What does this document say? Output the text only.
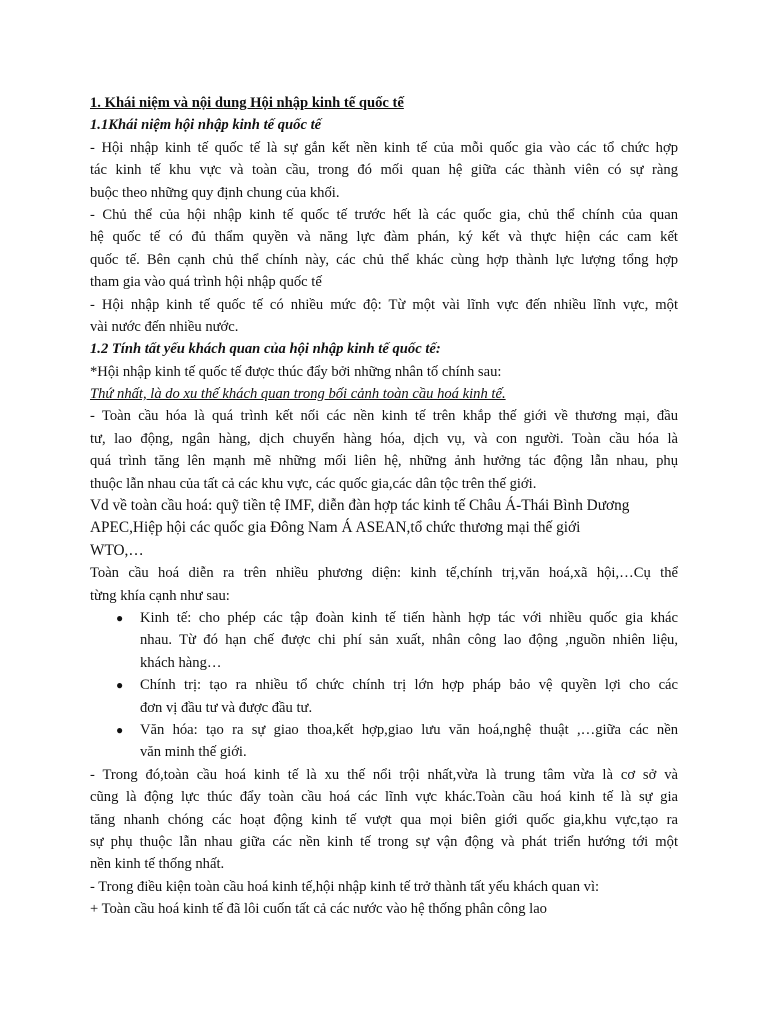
1. Khái niệm và nội dung Hội nhập kinh tế quốc tế
1.1Khái niệm hội nhập kinh tế quốc tế
- Hội nhập kinh tế quốc tế là sự gắn kết nền kinh tế của mỗi quốc gia vào các tổ chức hợp
tác kinh tế khu vực và toàn cầu, trong đó mối quan hệ giữa các thành viên có sự ràng
buộc theo những quy định chung của khối.
- Chủ thể của hội nhập kinh tế quốc tế trước hết là các quốc gia, chủ thể chính của quan
hệ quốc tế có đủ thẩm quyền và năng lực đàm phán, ký kết và thực hiện các cam kết
quốc tế. Bên cạnh chủ thể chính này, các chủ thể khác cùng hợp thành lực lượng tổng hợp
tham gia vào quá trình hội nhập quốc tế
- Hội nhập kinh tế quốc tế có nhiều mức độ: Từ một vài lĩnh vực đến nhiều lĩnh vực, một
vài nước đến nhiều nước.
1.2 Tính tất yếu khách quan của hội nhập kinh tế quốc tế:
*Hội nhập kinh tế quốc tế được thúc đẩy bởi những nhân tố chính sau:
Thứ nhất, là do xu thế khách quan trong bối cảnh toàn cầu hoá kinh tế.
- Toàn cầu hóa là quá trình kết nối các nền kinh tế trên khắp thế giới về thương mại, đầu
tư, lao động, ngân hàng, dịch chuyển hàng hóa, dịch vụ, và con người. Toàn cầu hóa là
quá trình tăng lên mạnh mẽ những mối liên hệ, những ảnh hưởng tác động lẫn nhau, phụ
thuộc lẫn nhau của tất cả các khu vực, các quốc gia,các dân tộc trên thế giới.
Vd về toàn cầu hoá: quỹ tiền tệ IMF, diễn đàn hợp tác kinh tế Châu Á-Thái Bình Dương
APEC,Hiệp hội các quốc gia Đông Nam Á ASEAN,tổ chức thương mại thế giới
WTO,…
Toàn cầu hoá diễn ra trên nhiều phương diện: kinh tế,chính trị,văn hoá,xã hội,…Cụ thể
từng khía cạnh như sau:
● Kinh tế: cho phép các tập đoàn kinh tế tiến hành hợp tác với nhiều quốc gia khác
nhau. Từ đó hạn chế được chi phí sản xuất, nhân công lao động ,nguồn nhiên liệu,
khách hàng…
● Chính trị: tạo ra nhiều tổ chức chính trị lớn hợp pháp bảo vệ quyền lợi cho các
đơn vị đầu tư và được đầu tư.
● Văn hóa: tạo ra sự giao thoa,kết hợp,giao lưu văn hoá,nghệ thuật ,…giữa các nền
văn minh thế giới.
- Trong đó,toàn cầu hoá kinh tế là xu thế nổi trội nhất,vừa là trung tâm vừa là cơ sở và
cũng là động lực thúc đẩy toàn cầu hoá các lĩnh vực khác.Toàn cầu hoá kinh tế là sự gia
tăng nhanh chóng các hoạt động kinh tế vượt qua mọi biên giới quốc gia,khu vực,tạo ra
sự phụ thuộc lẫn nhau giữa các nền kinh tế trong sự vận động và phát triển hướng tới một
nền kinh tế thống nhất.
- Trong điều kiện toàn cầu hoá kinh tế,hội nhập kinh tế trở thành tất yếu khách quan vì:
+ Toàn cầu hoá kinh tế đã lôi cuốn tất cả các nước vào hệ thống phân công lao
